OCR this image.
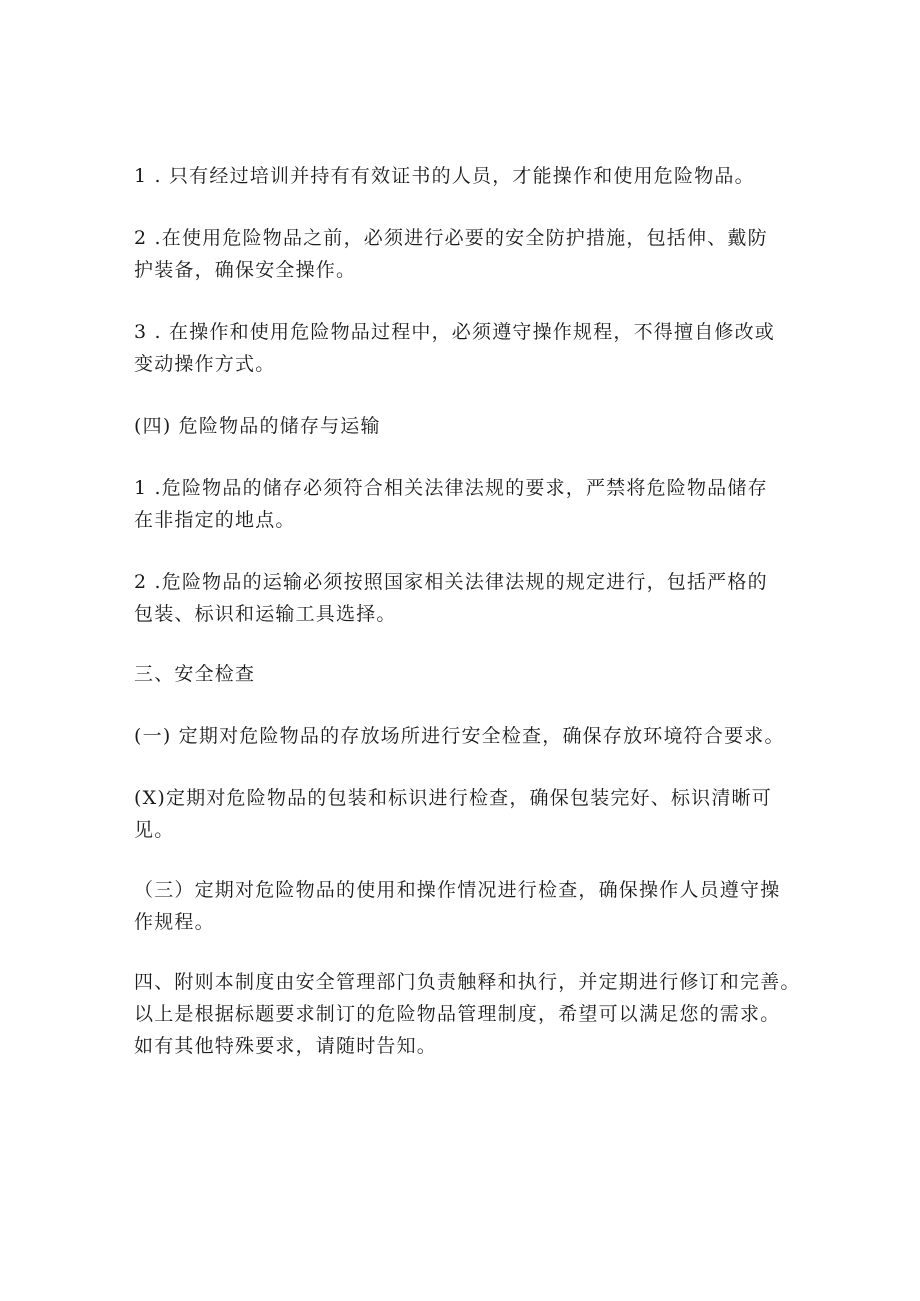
1 . 只有经过培训并持有有效证书的人员，才能操作和使用危险物品。

2 .在使用危险物品之前，必须进行必要的安全防护措施，包括伸、戴防
护装备，确保安全操作。

3 . 在操作和使用危险物品过程中，必须遵守操作规程，不得擅自修改或
变动操作方式。

(四) 危险物品的储存与运输

1 .危险物品的储存必须符合相关法律法规的要求，严禁将危险物品储存
在非指定的地点。

2 .危险物品的运输必须按照国家相关法律法规的规定进行，包括严格的
包装、标识和运输工具选择。

三、安全检查

(一) 定期对危险物品的存放场所进行安全检查，确保存放环境符合要求。

(X)定期对危险物品的包装和标识进行检查，确保包装完好、标识清晰可
见。

（三）定期对危险物品的使用和操作情况进行检查，确保操作人员遵守操
作规程。

四、附则本制度由安全管理部门负责触释和执行，并定期进行修订和完善。
以上是根据标题要求制订的危险物品管理制度，希望可以满足您的需求。
如有其他特殊要求，请随时告知。
